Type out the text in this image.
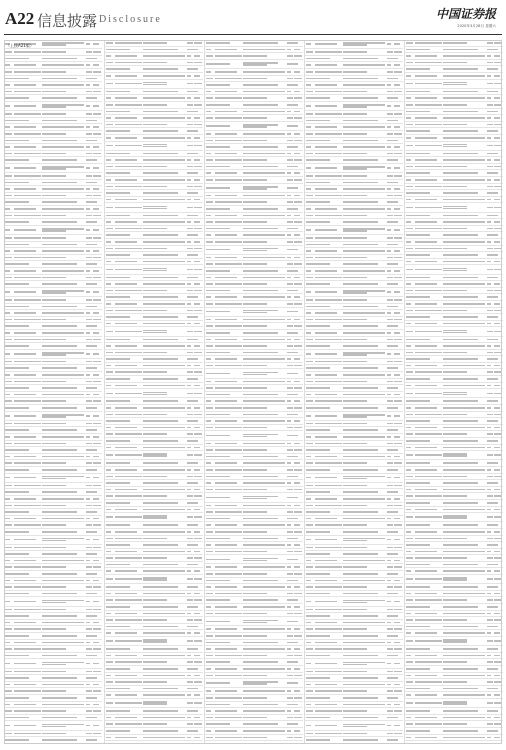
A22 信息披露 Disclosure	中国证券报
2020年3月28日 星期六
（上接A21版）
